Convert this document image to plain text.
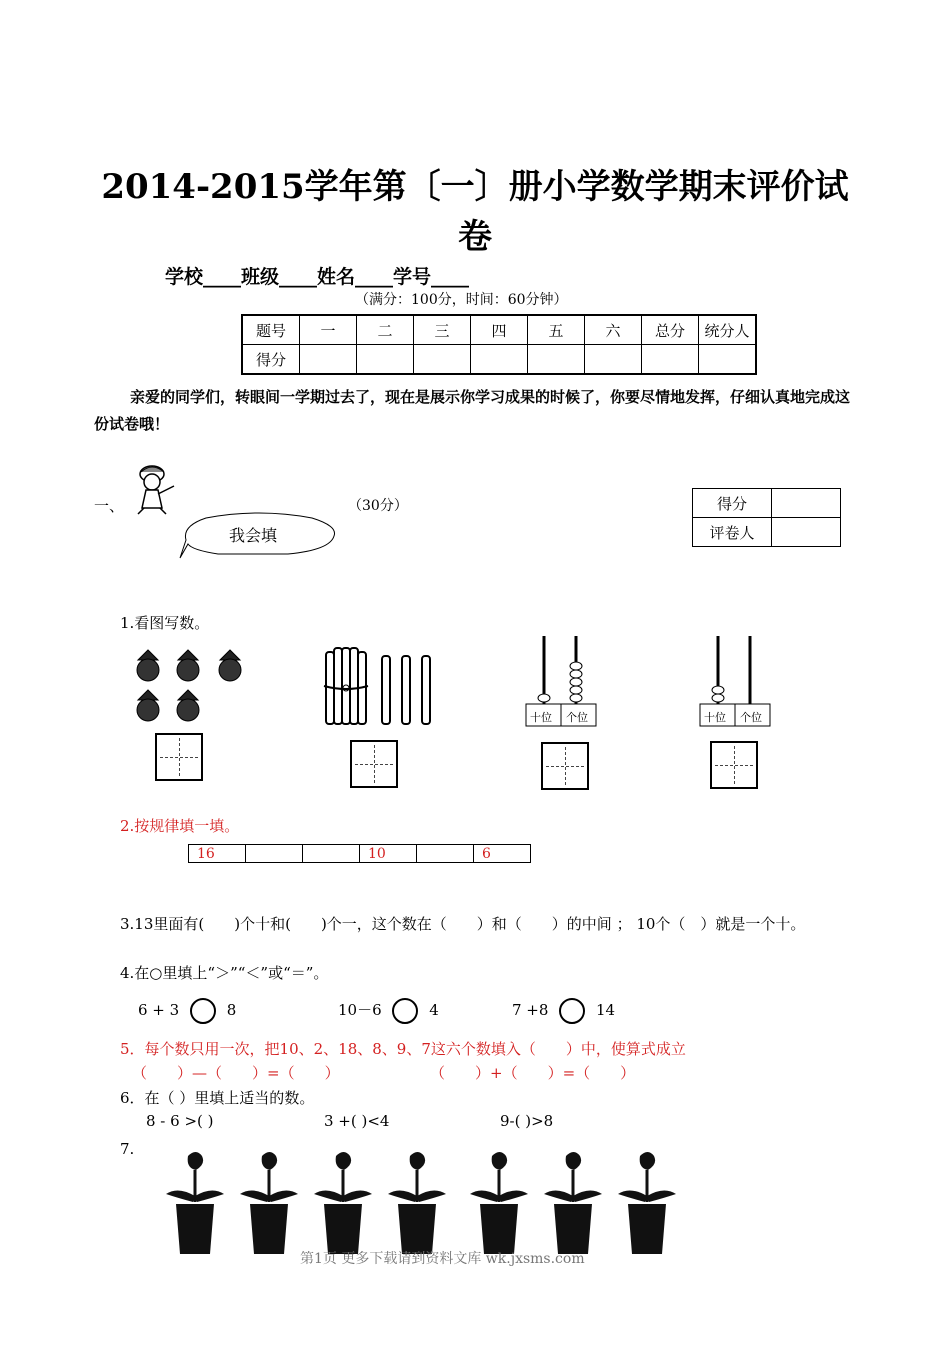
2014-2015学年第〔一〕册小学数学期末评价试
卷
学校____班级____姓名____学号____
（满分：100分，时间：60分钟）
题号	一	二	三	四	五	六	总分	统分人
得分								
亲爱的同学们，转眼间一学期过去了，现在是展示你学习成果的时候了，你要尽情地发挥，仔细认真地完成这份试卷哦！
一、	（30分）
我会填
得分	
评卷人	
1.看图写数。
十位 个位	十位 个位
2.按规律填一填。
16			10		6
3.13里面有(　　)个十和(　　)个一，这个数在（　　）和（　　）的中间 ； 10个（　）就是一个十。
4.在○里填上“＞”“＜”或“＝”。
6 + 3	8	10－6	4	7 +8	14
5．每个数只用一次，把10、2、18、8、9、7这六个数填入（　　）中，使算式成立
（　　）—（　　）=（　　）	（　　）+（　　）=（　　）
6．在（ ）里填上适当的数。
8 - 6 >( )	3 +( )<4	9-( )>8
7.
第1页 更多下载请到资料文库 wk.jxsms.com
